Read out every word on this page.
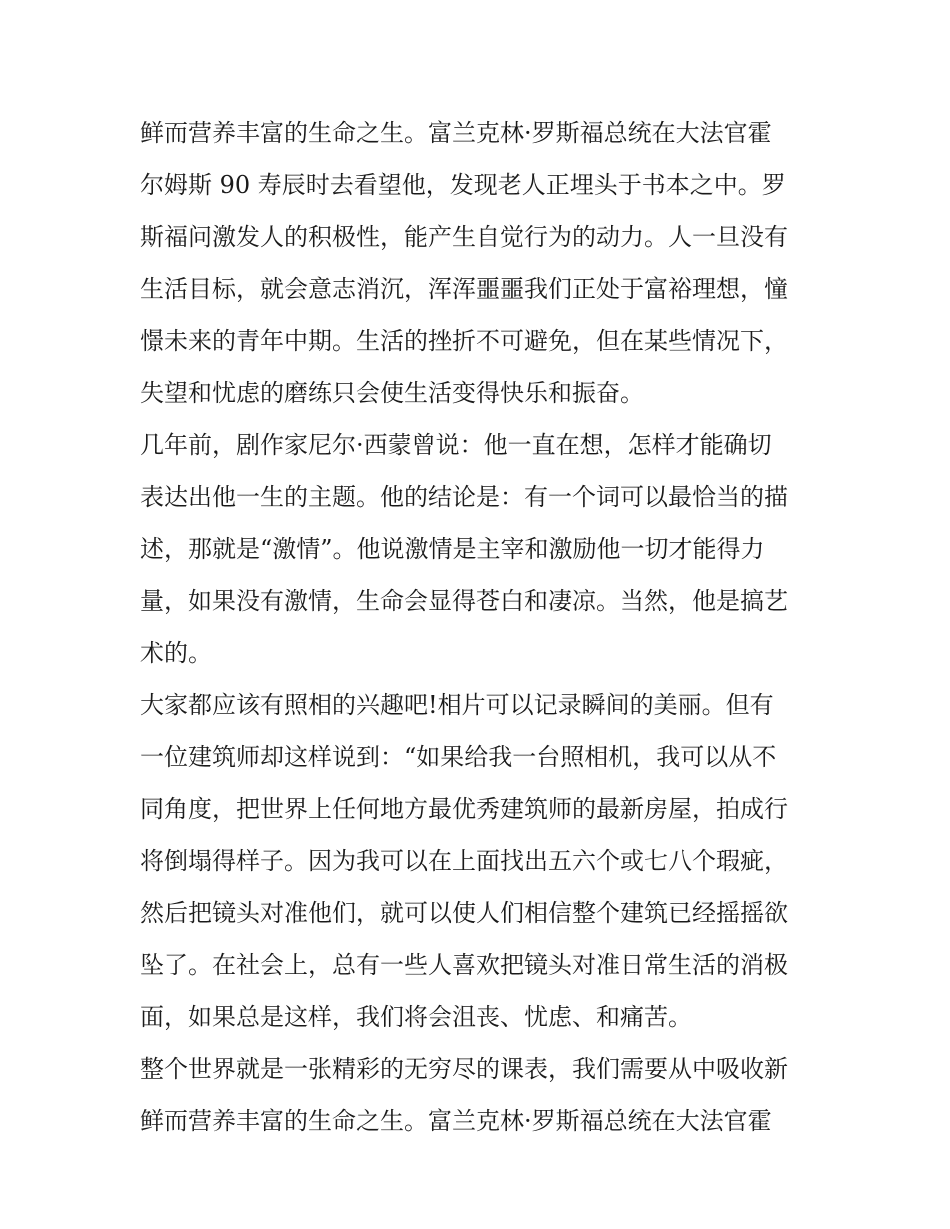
鲜而营养丰富的生命之生。富兰克林·罗斯福总统在大法官霍
尔姆斯 90 寿辰时去看望他，发现老人正埋头于书本之中。罗
斯福问激发人的积极性，能产生自觉行为的动力。人一旦没有
生活目标，就会意志消沉，浑浑噩噩我们正处于富裕理想，憧
憬未来的青年中期。生活的挫折不可避免，但在某些情况下，
失望和忧虑的磨练只会使生活变得快乐和振奋。
几年前，剧作家尼尔·西蒙曾说：他一直在想，怎样才能确切
表达出他一生的主题。他的结论是：有一个词可以最恰当的描
述，那就是“激情”。他说激情是主宰和激励他一切才能得力
量，如果没有激情，生命会显得苍白和凄凉。当然，他是搞艺
术的。
大家都应该有照相的兴趣吧!相片可以记录瞬间的美丽。但有
一位建筑师却这样说到：“如果给我一台照相机，我可以从不
同角度，把世界上任何地方最优秀建筑师的最新房屋，拍成行
将倒塌得样子。因为我可以在上面找出五六个或七八个瑕疵，
然后把镜头对准他们，就可以使人们相信整个建筑已经摇摇欲
坠了。在社会上，总有一些人喜欢把镜头对准日常生活的消极
面，如果总是这样，我们将会沮丧、忧虑、和痛苦。
整个世界就是一张精彩的无穷尽的课表，我们需要从中吸收新
鲜而营养丰富的生命之生。富兰克林·罗斯福总统在大法官霍
